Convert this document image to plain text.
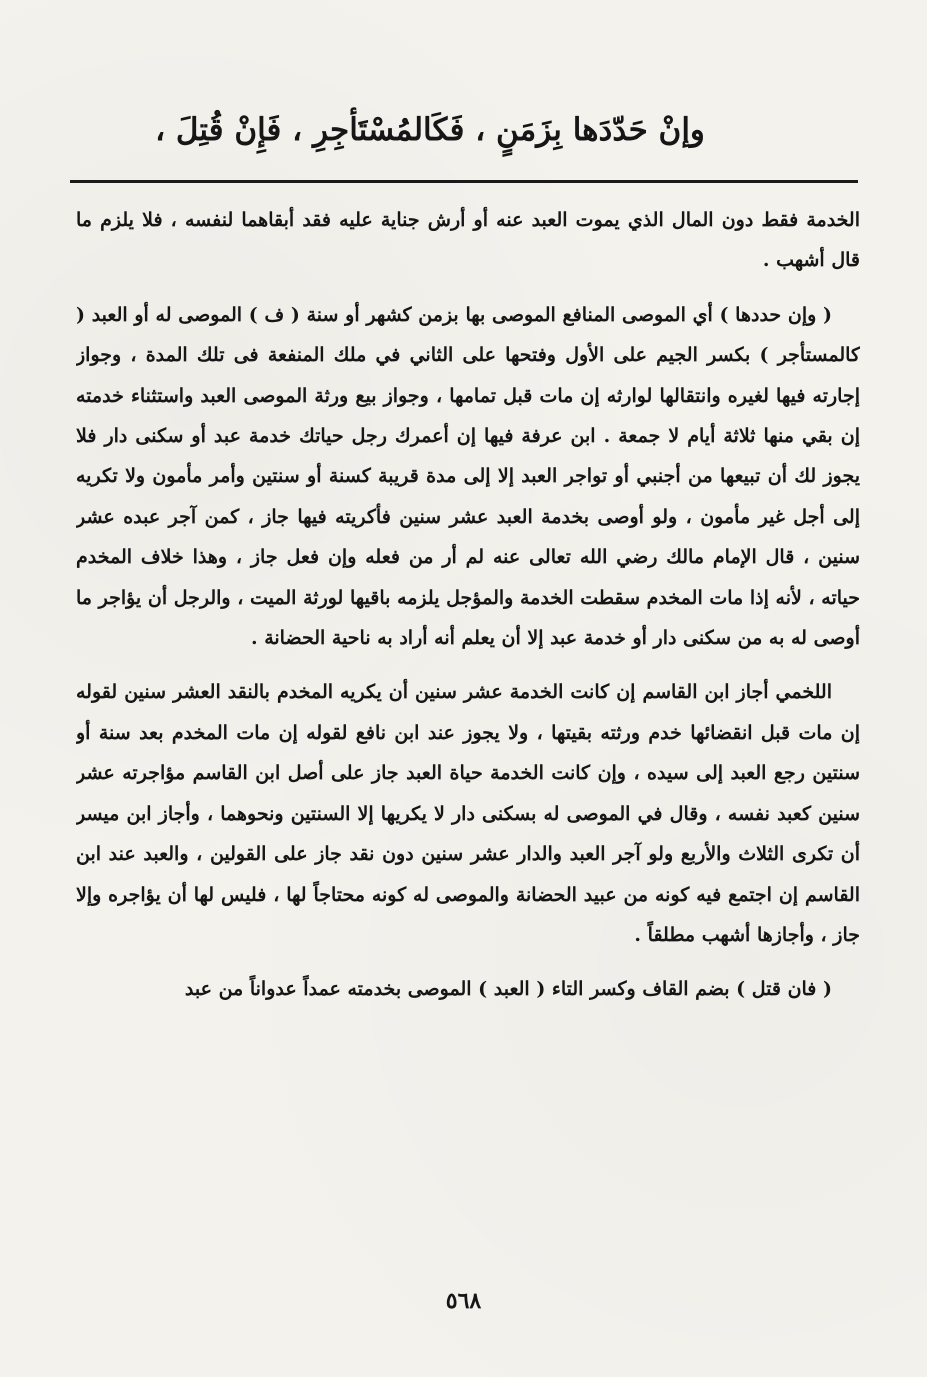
وإنْ حَدّدَها بِزَمَنٍ ، فَكَالمُسْتَأجِرِ ، فَإِنْ قُتِلَ ،

الخدمة فقط دون المال الذي يموت العبد عنه أو أرش جناية عليه فقد أبقاهما لنفسه ، فلا يلزم ما قال أشهب .

( وإن حددها ) أي الموصى المنافع الموصى بها بزمن كشهر أو سنة ( ف ) الموصى له أو العبد ( كالمستأجر ) بكسر الجيم على الأول وفتحها على الثاني في ملك المنفعة فى تلك المدة ، وجواز إجارته فيها لغيره وانتقالها لوارثه إن مات قبل تمامها ، وجواز بيع ورثة الموصى العبد واستثناء خدمته إن بقي منها ثلاثة أيام لا جمعة . ابن عرفة فيها إن أعمرك رجل حياتك خدمة عبد أو سكنى دار فلا يجوز لك أن تبيعها من أجنبي أو تواجر العبد إلا إلى مدة قريبة كسنة أو سنتين وأمر مأمون ولا تكريه إلى أجل غير مأمون ، ولو أوصى بخدمة العبد عشر سنين فأكريته فيها جاز ، كمن آجر عبده عشر سنين ، قال الإمام مالك رضي الله تعالى عنه لم أر من فعله وإن فعل جاز ، وهذا خلاف المخدم حياته ، لأنه إذا مات المخدم سقطت الخدمة والمؤجل يلزمه باقيها لورثة الميت ، والرجل أن يؤاجر ما أوصى له به من سكنى دار أو خدمة عبد إلا أن يعلم أنه أراد به ناحية الحضانة .

اللخمي أجاز ابن القاسم إن كانت الخدمة عشر سنين أن يكريه المخدم بالنقد العشر سنين لقوله إن مات قبل انقضائها خدم ورثته بقيتها ، ولا يجوز عند ابن نافع لقوله إن مات المخدم بعد سنة أو سنتين رجع العبد إلى سيده ، وإن كانت الخدمة حياة العبد جاز على أصل ابن القاسم مؤاجرته عشر سنين كعبد نفسه ، وقال في الموصى له بسكنى دار لا يكريها إلا السنتين ونحوهما ، وأجاز ابن ميسر أن تكرى الثلاث والأربع ولو آجر العبد والدار عشر سنين دون نقد جاز على القولين ، والعبد عند ابن القاسم إن اجتمع فيه كونه من عبيد الحضانة والموصى له كونه محتاجاً لها ، فليس لها أن يؤاجره وإلا جاز ، وأجازها أشهب مطلقاً .

( فان قتل ) بضم القاف وكسر التاء ( العبد ) الموصى بخدمته عمداً عدواناً من عبد

٥٦٨
